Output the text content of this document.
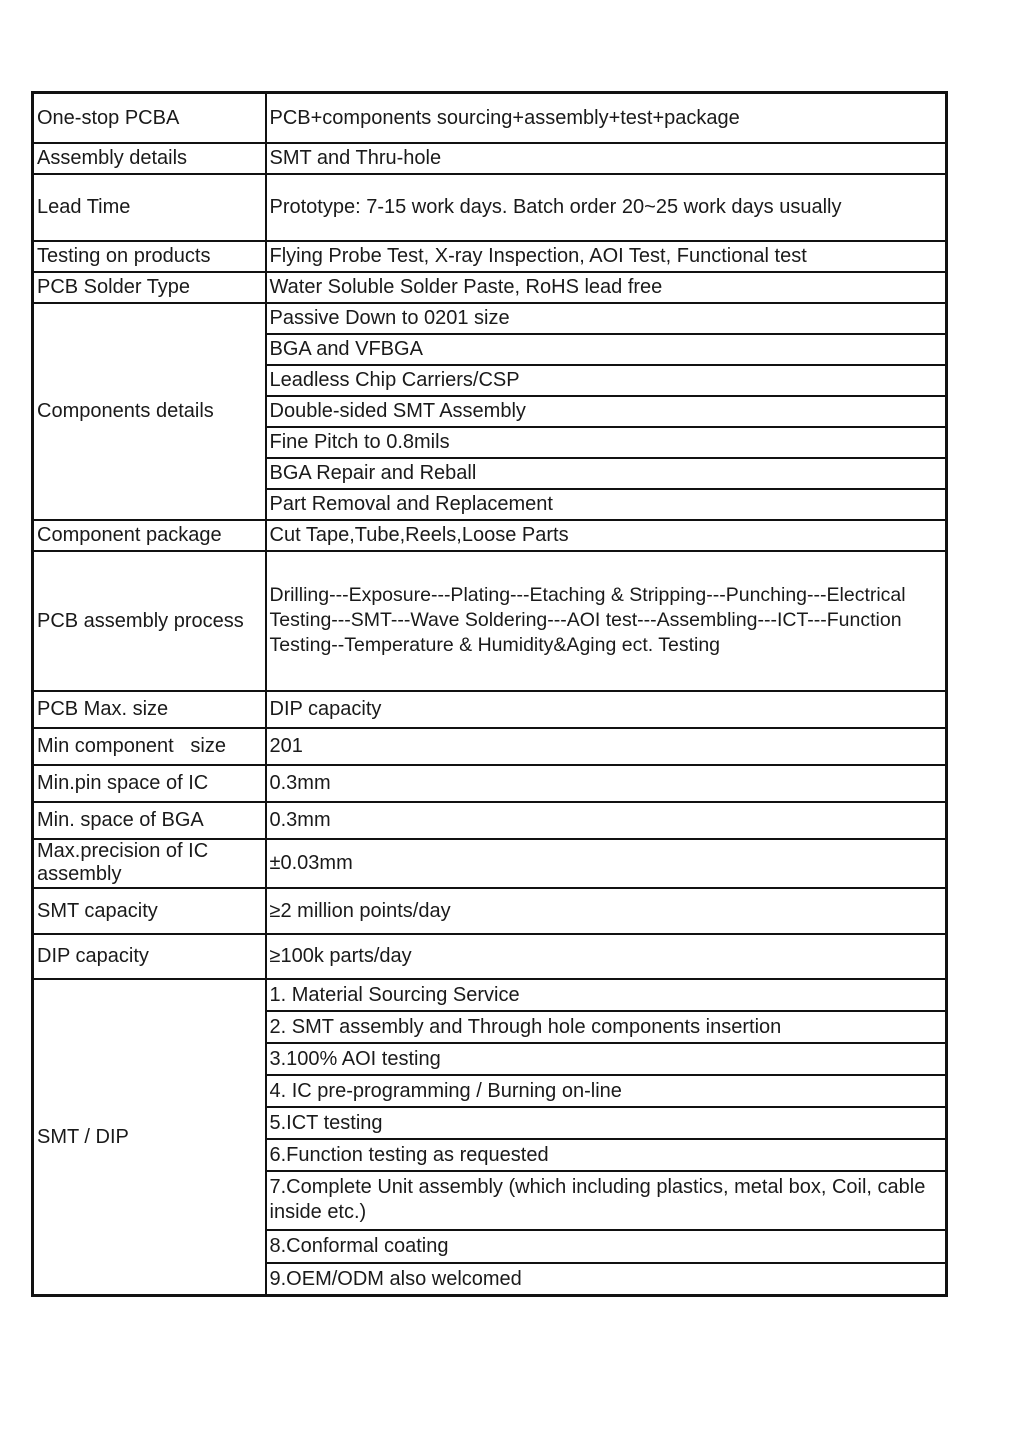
One-stop PCBA	PCB+components sourcing+assembly+test+package
Assembly details	SMT and Thru-hole
Lead Time	Prototype: 7-15 work days. Batch order 20~25 work days usually
Testing on products	Flying Probe Test, X-ray Inspection, AOI Test, Functional test
PCB Solder Type	Water Soluble Solder Paste, RoHS lead free
Components details	Passive Down to 0201 size
	BGA and VFBGA
	Leadless Chip Carriers/CSP
	Double-sided SMT Assembly
	Fine Pitch to 0.8mils
	BGA Repair and Reball
	Part Removal and Replacement
Component package	Cut Tape,Tube,Reels,Loose Parts
PCB assembly process	Drilling---Exposure---Plating---Etaching & Stripping---Punching---Electrical Testing---SMT---Wave Soldering---AOI test---Assembling---ICT---Function Testing--Temperature & Humidity&Aging ect. Testing
PCB Max. size	DIP capacity
Min component   size	201
Min.pin space of IC	0.3mm
Min. space of BGA	0.3mm
Max.precision of IC assembly	±0.03mm
SMT capacity	≥2 million points/day
DIP capacity	≥100k parts/day
SMT / DIP	1. Material Sourcing Service
	2. SMT assembly and Through hole components insertion
	3.100% AOI testing
	4. IC pre-programming / Burning on-line
	5.ICT testing
	6.Function testing as requested
	7.Complete Unit assembly (which including plastics, metal box, Coil, cable inside etc.)
	8.Conformal coating
	9.OEM/ODM also welcomed
